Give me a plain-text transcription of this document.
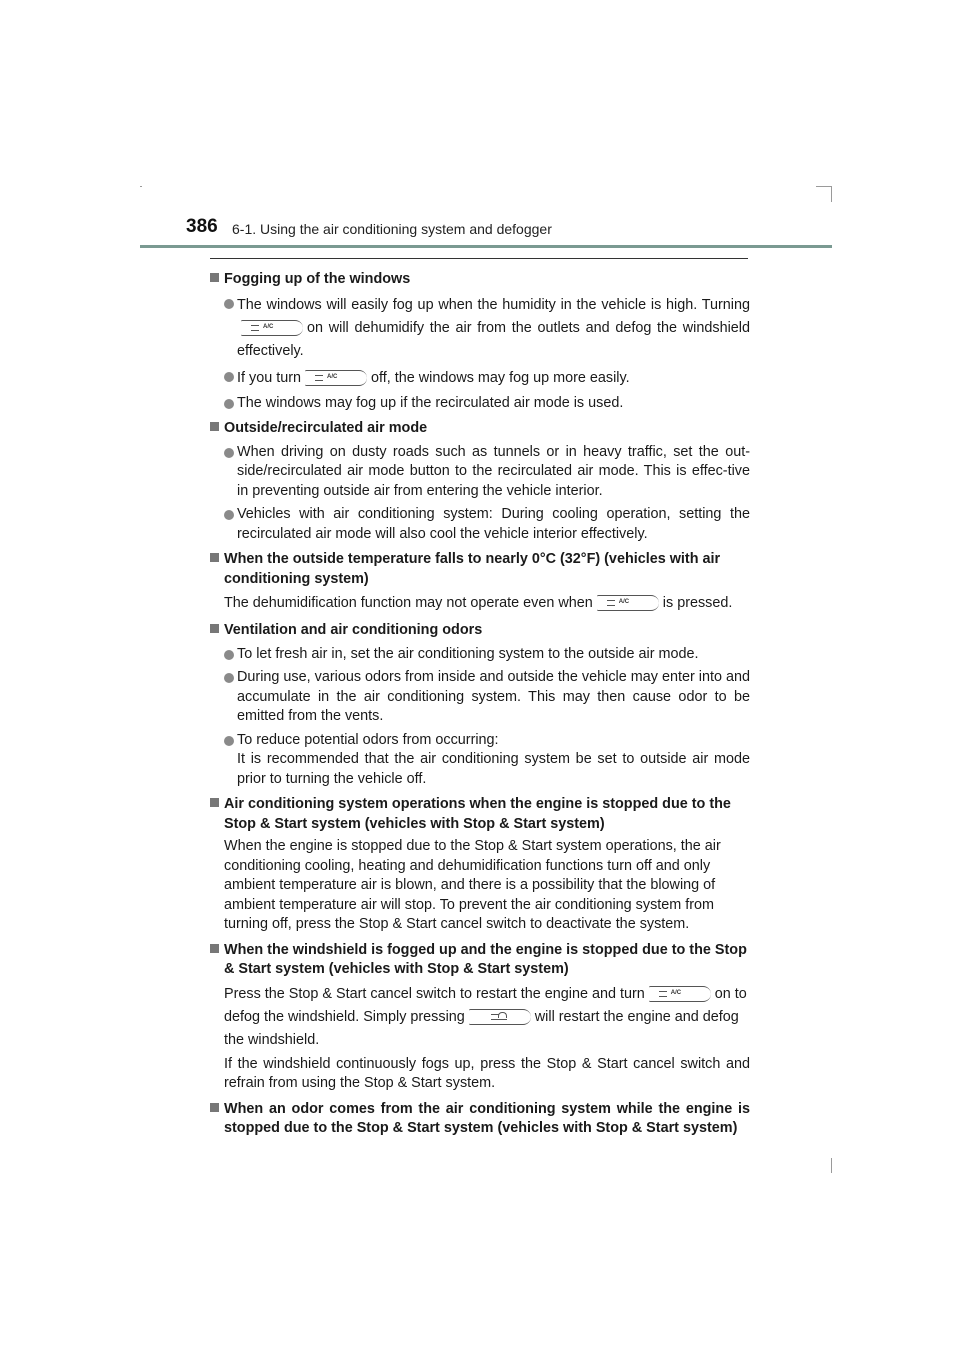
386 6-1. Using the air conditioning system and defogger
Fogging up of the windows
The windows will easily fog up when the humidity in the vehicle is high. Turning
A/C on will dehumidify the air from the outlets and defog the windshield effectively.
If you turn	A/C off, the windows may fog up more easily.
The windows may fog up if the recirculated air mode is used.
Outside/recirculated air mode
When driving on dusty roads such as tunnels or in heavy traffic, set the out-side/recirculated air mode button to the recirculated air mode. This is effec-tive in preventing outside air from entering the vehicle interior.
Vehicles with air conditioning system: During cooling operation, setting the recirculated air mode will also cool the vehicle interior effectively.
When the outside temperature falls to nearly 0°C (32°F) (vehicles with air conditioning system)
The dehumidification function may not operate even when	A/C is pressed.
Ventilation and air conditioning odors
To let fresh air in, set the air conditioning system to the outside air mode.
During use, various odors from inside and outside the vehicle may enter into and accumulate in the air conditioning system. This may then cause odor to be emitted from the vents.
To reduce potential odors from occurring:
It is recommended that the air conditioning system be set to outside air mode prior to turning the vehicle off.
Air conditioning system operations when the engine is stopped due to the Stop & Start system (vehicles with Stop & Start system)
When the engine is stopped due to the Stop & Start system operations, the air conditioning cooling, heating and dehumidification functions turn off and only ambient temperature air is blown, and there is a possibility that the blowing of ambient temperature air will stop. To prevent the air conditioning system from turning off, press the Stop & Start cancel switch to deactivate the system.
When the windshield is fogged up and the engine is stopped due to the Stop & Start system (vehicles with Stop & Start system)
Press the Stop & Start cancel switch to restart the engine and turn	A/C on to defog the windshield. Simply pressing	will restart the engine and defog the windshield.
If the windshield continuously fogs up, press the Stop & Start cancel switch and refrain from using the Stop & Start system.
When an odor comes from the air conditioning system while the engine is stopped due to the Stop & Start system (vehicles with Stop & Start system)
